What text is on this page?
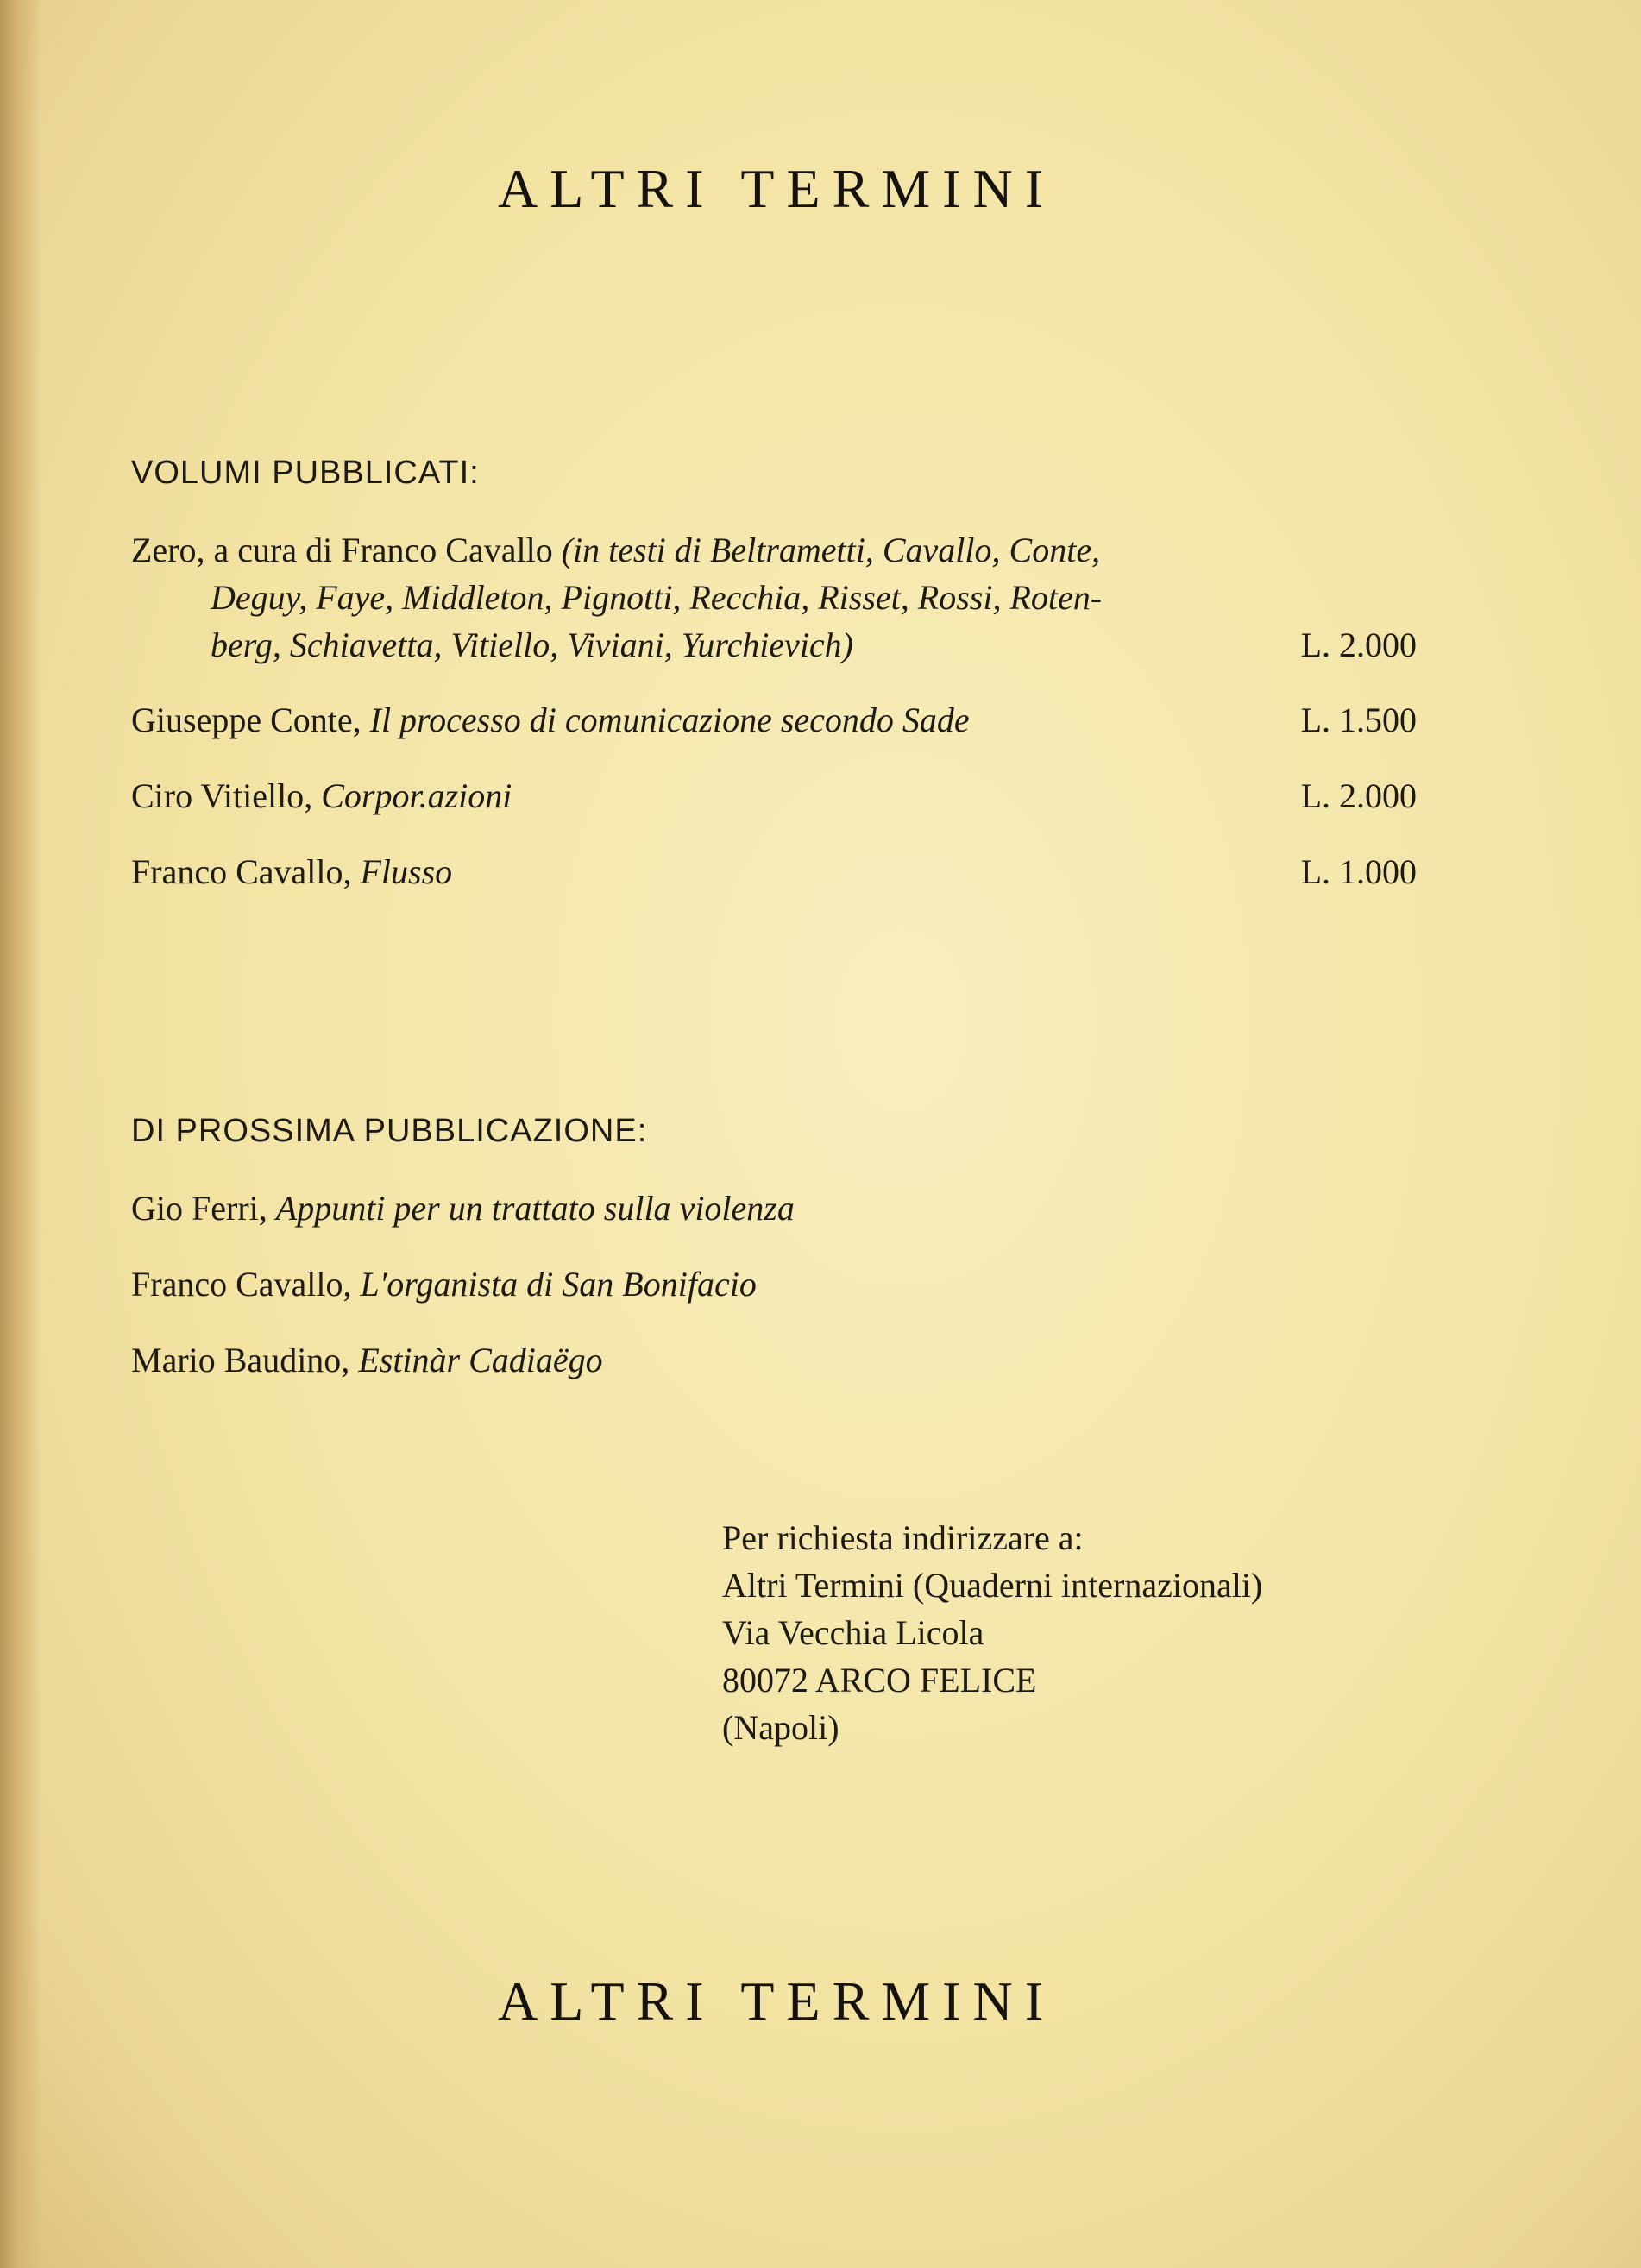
ALTRI TERMINI
VOLUMI PUBBLICATI:
Zero, a cura di Franco Cavallo (in testi di Beltrametti, Cavallo, Conte,
Deguy, Faye, Middleton, Pignotti, Recchia, Risset, Rossi, Roten-
berg, Schiavetta, Vitiello, Viviani, Yurchievich)	L. 2.000
Giuseppe Conte, Il processo di comunicazione secondo Sade	L. 1.500
Ciro Vitiello, Corpor.azioni	L. 2.000
Franco Cavallo, Flusso	L. 1.000
DI PROSSIMA PUBBLICAZIONE:
Gio Ferri, Appunti per un trattato sulla violenza
Franco Cavallo, L'organista di San Bonifacio
Mario Baudino, Estinàr Cadiaëgo
Per richiesta indirizzare a:
Altri Termini (Quaderni internazionali)
Via Vecchia Licola
80072 ARCO FELICE
(Napoli)
ALTRI TERMINI
